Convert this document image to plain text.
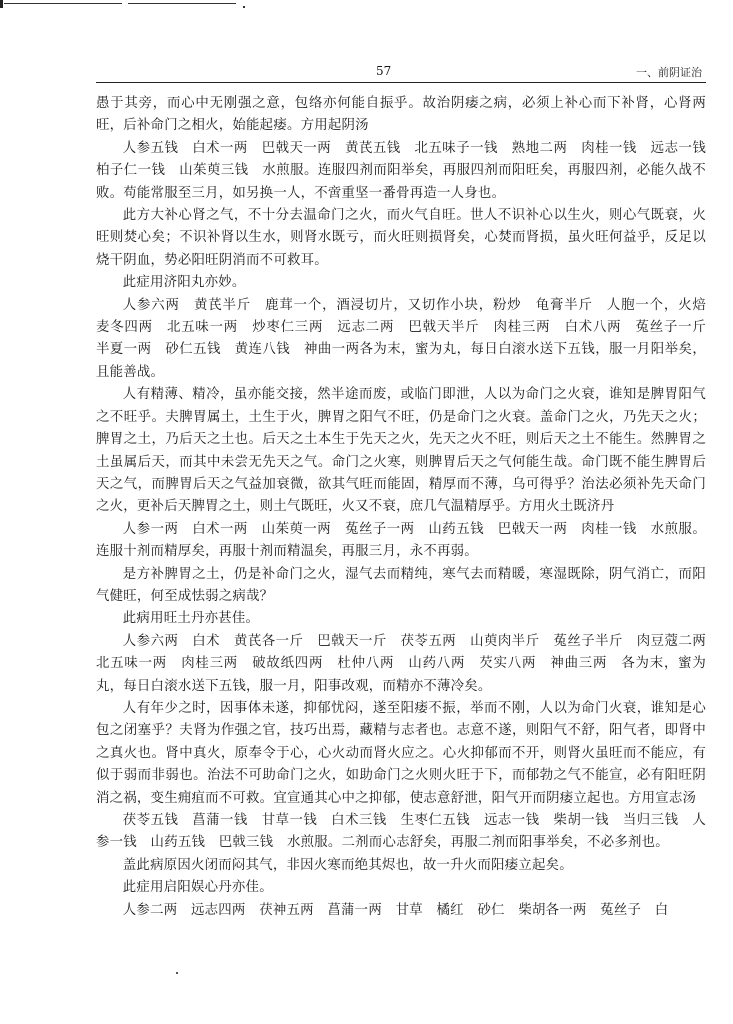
57	一、前阴证治

愚于其旁，而心中无刚强之意，包络亦何能自振乎。故治阴痿之病，必须上补心而下补肾，心肾两旺，后补命门之相火，始能起痿。方用起阴汤

人参五钱　白术一两　巴戟天一两　黄芪五钱　北五味子一钱　熟地二两　肉桂一钱　远志一钱　柏子仁一钱　山茱萸三钱　水煎服。连服四剂而阳举矣，再服四剂而阳旺矣，再服四剂，必能久战不败。苟能常服至三月，如另换一人，不啻重坚一番骨再造一人身也。

此方大补心肾之气，不十分去温命门之火，而火气自旺。世人不识补心以生火，则心气既衰，火旺则焚心矣；不识补肾以生水，则肾水既亏，而火旺则损肾矣，心焚而肾损，虽火旺何益乎，反足以烧干阴血，势必阳旺阴消而不可救耳。

此症用济阳丸亦妙。

人参六两　黄芪半斤　鹿茸一个，酒浸切片，又切作小块，粉炒　龟膏半斤　人胞一个，火焙　麦冬四两　北五味一两　炒枣仁三两　远志二两　巴戟天半斤　肉桂三两　白术八两　菟丝子一斤　半夏一两　砂仁五钱　黄连八钱　神曲一两各为末，蜜为丸，每日白滚水送下五钱，服一月阳举矣，且能善战。

人有精薄、精冷，虽亦能交接，然半途而废，或临门即泄，人以为命门之火衰，谁知是脾胃阳气之不旺乎。夫脾胃属土，土生于火，脾胃之阳气不旺，仍是命门之火衰。盖命门之火，乃先天之火；脾胃之土，乃后天之土也。后天之土本生于先天之火，先天之火不旺，则后天之土不能生。然脾胃之土虽属后天，而其中未尝无先天之气。命门之火寒，则脾胃后天之气何能生哉。命门既不能生脾胃后天之气，而脾胃后天之气益加衰微，欲其气旺而能固，精厚而不薄，乌可得乎？治法必须补先天命门之火，更补后天脾胃之土，则土气既旺，火又不衰，庶几气温精厚乎。方用火土既济丹

人参一两　白术一两　山茱萸一两　菟丝子一两　山药五钱　巴戟天一两　肉桂一钱　水煎服。连服十剂而精厚矣，再服十剂而精温矣，再服三月，永不再弱。

是方补脾胃之土，仍是补命门之火，湿气去而精纯，寒气去而精暖，寒湿既除，阴气消亡，而阳气健旺，何至成怯弱之病哉？

此病用旺土丹亦甚佳。

人参六两　白术　黄芪各一斤　巴戟天一斤　茯苓五两　山萸肉半斤　菟丝子半斤　肉豆蔻二两　北五味一两　肉桂三两　破故纸四两　杜仲八两　山药八两　芡实八两　神曲三两　各为末，蜜为丸，每日白滚水送下五钱，服一月，阳事改观，而精亦不薄冷矣。

人有年少之时，因事体未遂，抑郁忧闷，遂至阳痿不振，举而不刚，人以为命门火衰，谁知是心包之闭塞乎？夫肾为作强之官，技巧出焉，藏精与志者也。志意不遂，则阳气不舒，阳气者，即肾中之真火也。肾中真火，原奉令于心，心火动而肾火应之。心火抑郁而不开，则肾火虽旺而不能应，有似于弱而非弱也。治法不可助命门之火，如助命门之火则火旺于下，而郁勃之气不能宣，必有阳旺阴消之祸，变生痈疽而不可救。宜宣通其心中之抑郁，使志意舒泄，阳气开而阴痿立起也。方用宣志汤

茯苓五钱　菖蒲一钱　甘草一钱　白术三钱　生枣仁五钱　远志一钱　柴胡一钱　当归三钱　人参一钱　山药五钱　巴戟三钱　水煎服。二剂而心志舒矣，再服二剂而阳事举矣，不必多剂也。

盖此病原因火闭而闷其气，非因火寒而绝其烬也，故一升火而阳痿立起矣。

此症用启阳娱心丹亦佳。

人参二两　远志四两　茯神五两　菖蒲一两　甘草　橘红　砂仁　柴胡各一两　菟丝子　白
